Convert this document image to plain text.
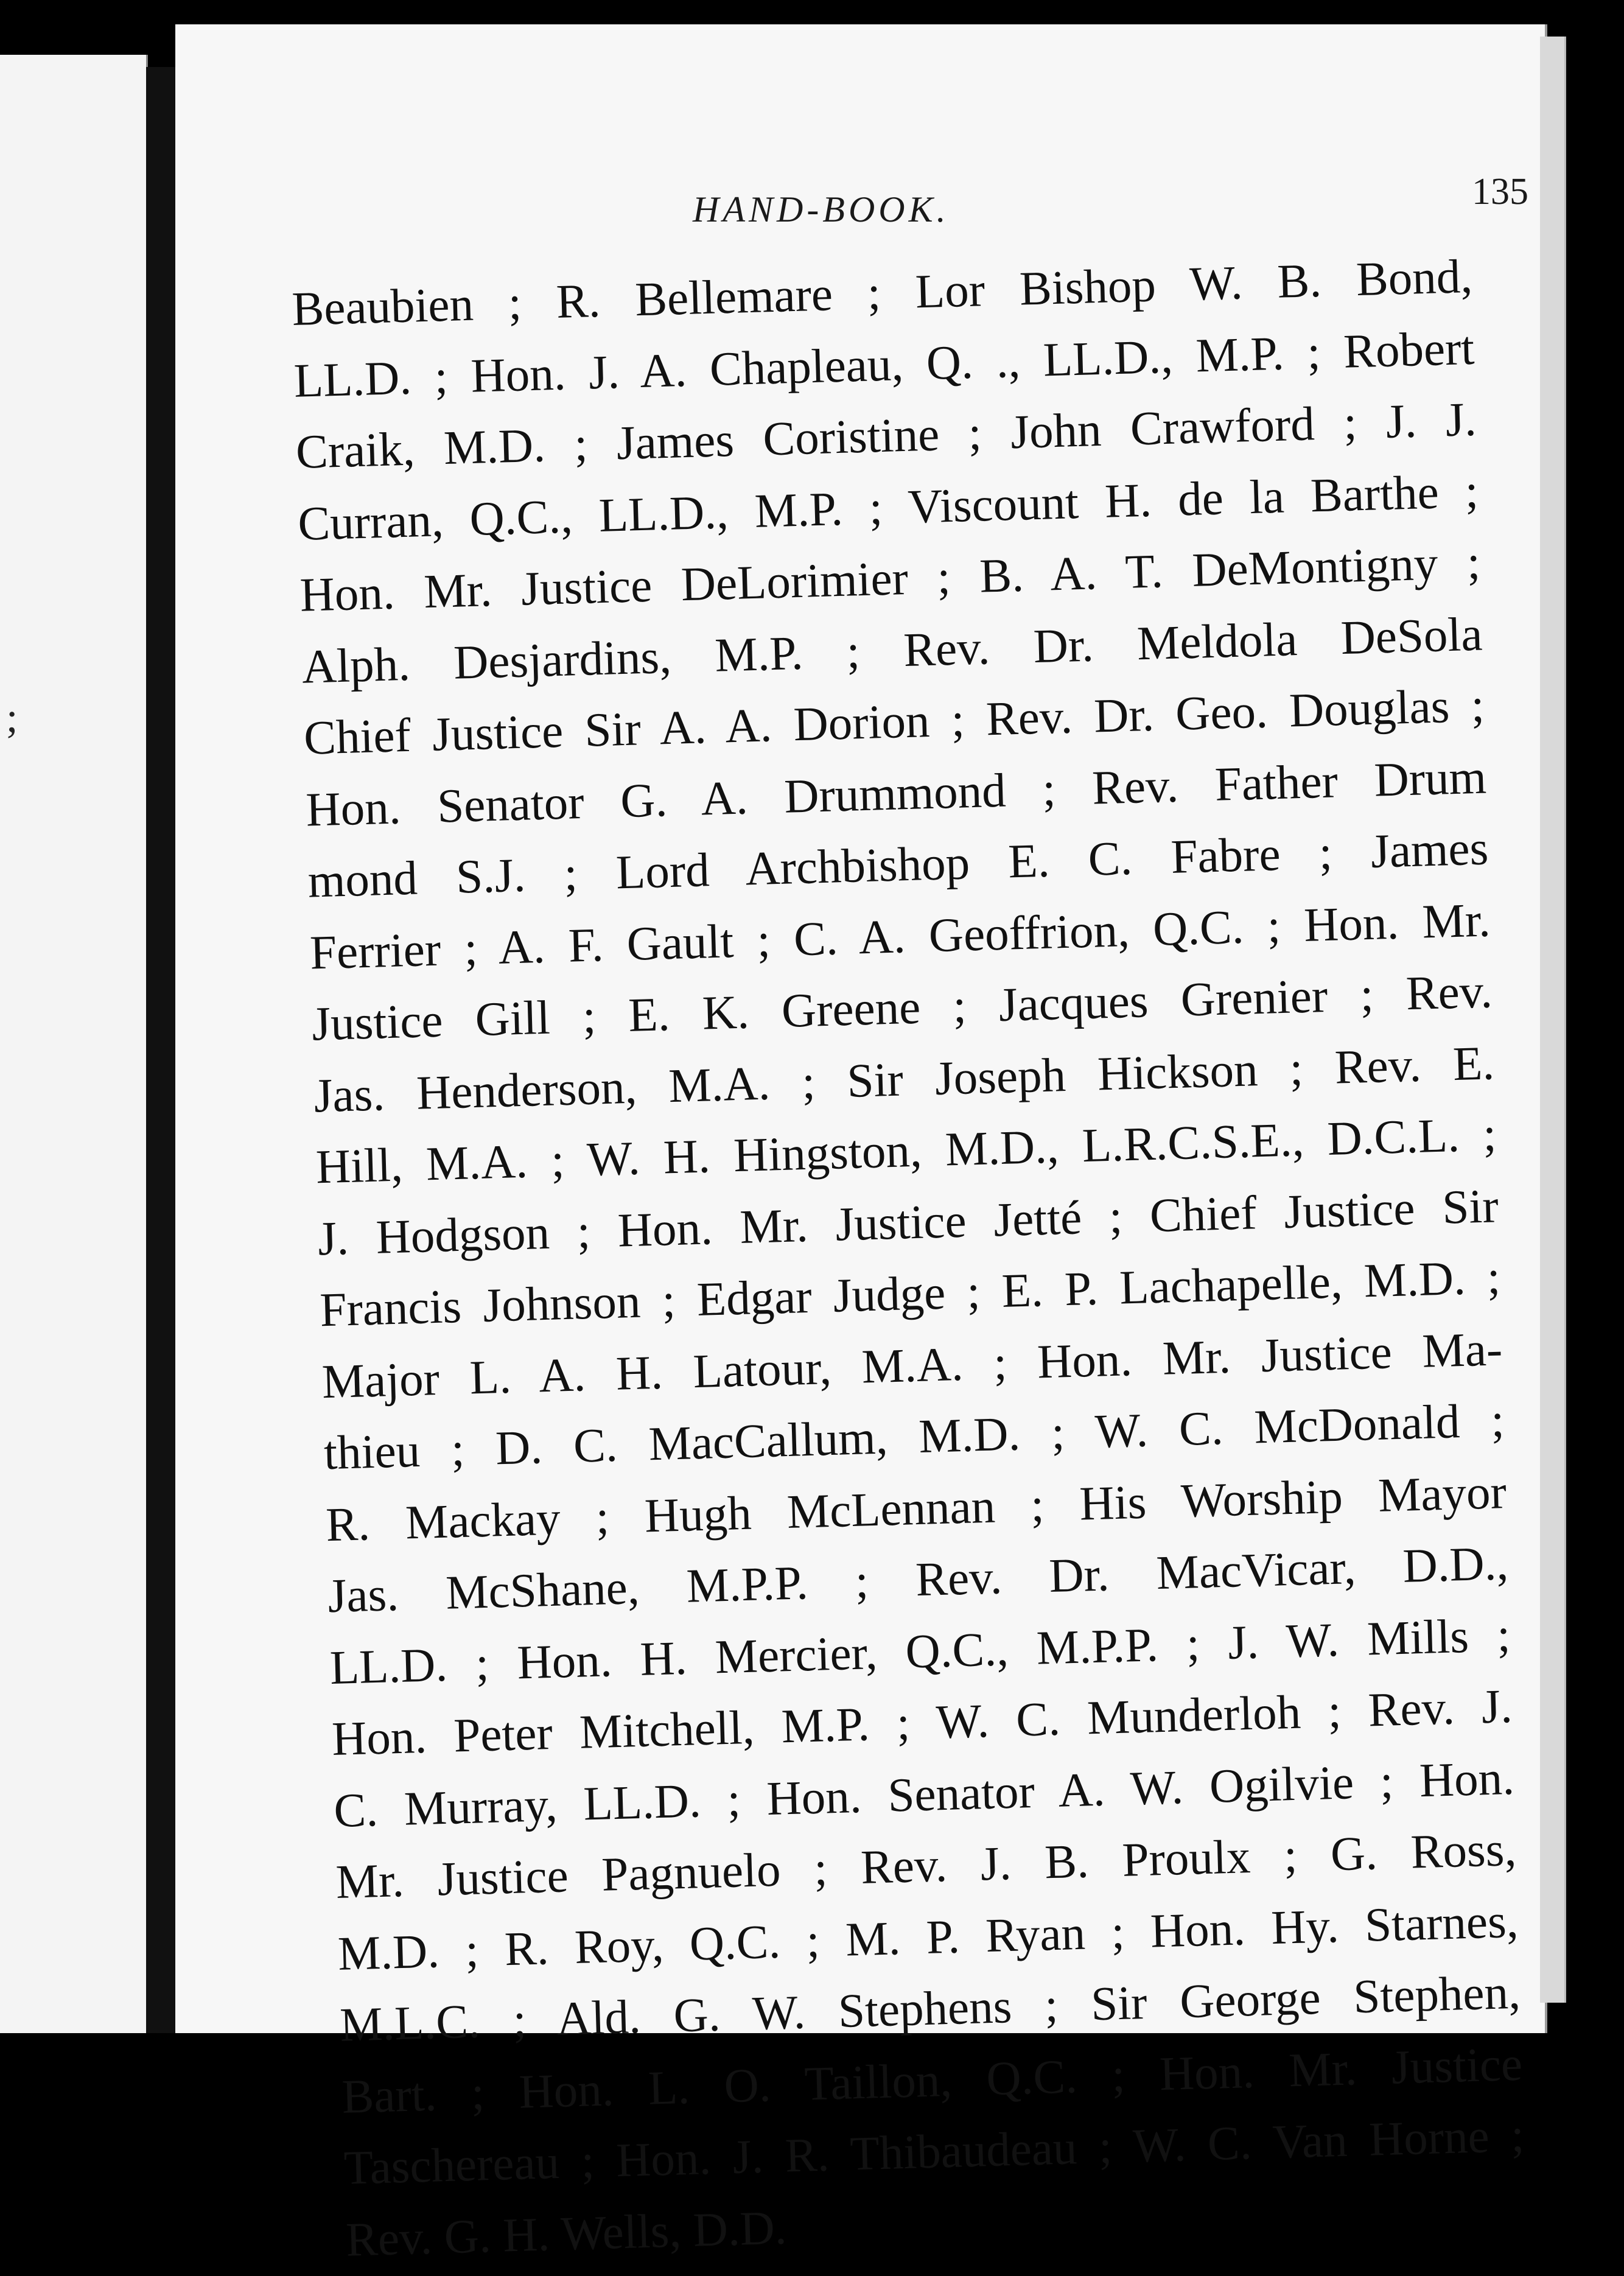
;
HAND-BOOK.	135
Beaubien ; R. Bellemare ; Lor Bishop W. B. Bond,
LL.D. ; Hon. J. A. Chapleau, Q. ., LL.D., M.P. ; Robert
Craik, M.D. ; James Coristine ; John Crawford ; J. J.
Curran, Q.C., LL.D., M.P. ; Viscount H. de la Barthe ;
Hon. Mr. Justice DeLorimier ; B. A. T. DeMontigny ;
Alph. Desjardins, M.P. ; Rev. Dr. Meldola DeSola
Chief Justice Sir A. A. Dorion ; Rev. Dr. Geo. Douglas ;
Hon. Senator G. A. Drummond ; Rev. Father Drum
mond S.J. ; Lord Archbishop E. C. Fabre ; James
Ferrier ; A. F. Gault ; C. A. Geoffrion, Q.C. ; Hon. Mr.
Justice Gill ; E. K. Greene ; Jacques Grenier ; Rev.
Jas. Henderson, M.A. ; Sir Joseph Hickson ; Rev. E.
Hill, M.A. ; W. H. Hingston, M.D., L.R.C.S.E., D.C.L. ;
J. Hodgson ; Hon. Mr. Justice Jetté ; Chief Justice Sir
Francis Johnson ; Edgar Judge ; E. P. Lachapelle, M.D. ;
Major L. A. H. Latour, M.A. ; Hon. Mr. Justice Ma-
thieu ; D. C. MacCallum, M.D. ; W. C. McDonald ;
R. Mackay ; Hugh McLennan ; His Worship Mayor
Jas. McShane, M.P.P. ; Rev. Dr. MacVicar, D.D.,
LL.D. ; Hon. H. Mercier, Q.C., M.P.P. ; J. W. Mills ;
Hon. Peter Mitchell, M.P. ; W. C. Munderloh ; Rev. J.
C. Murray, LL.D. ; Hon. Senator A. W. Ogilvie ; Hon.
Mr. Justice Pagnuelo ; Rev. J. B. Proulx ; G. Ross,
M.D. ; R. Roy, Q.C. ; M. P. Ryan ; Hon. Hy. Starnes,
M.L.C. ; Ald. G. W. Stephens ; Sir George Stephen,
Bart. ; Hon. L. O. Taillon, Q.C. ; Hon. Mr. Justice
Taschereau ; Hon. J. R. Thibaudeau ; W. C. Van Horne ;
Rev. G. H. Wells, D.D.
